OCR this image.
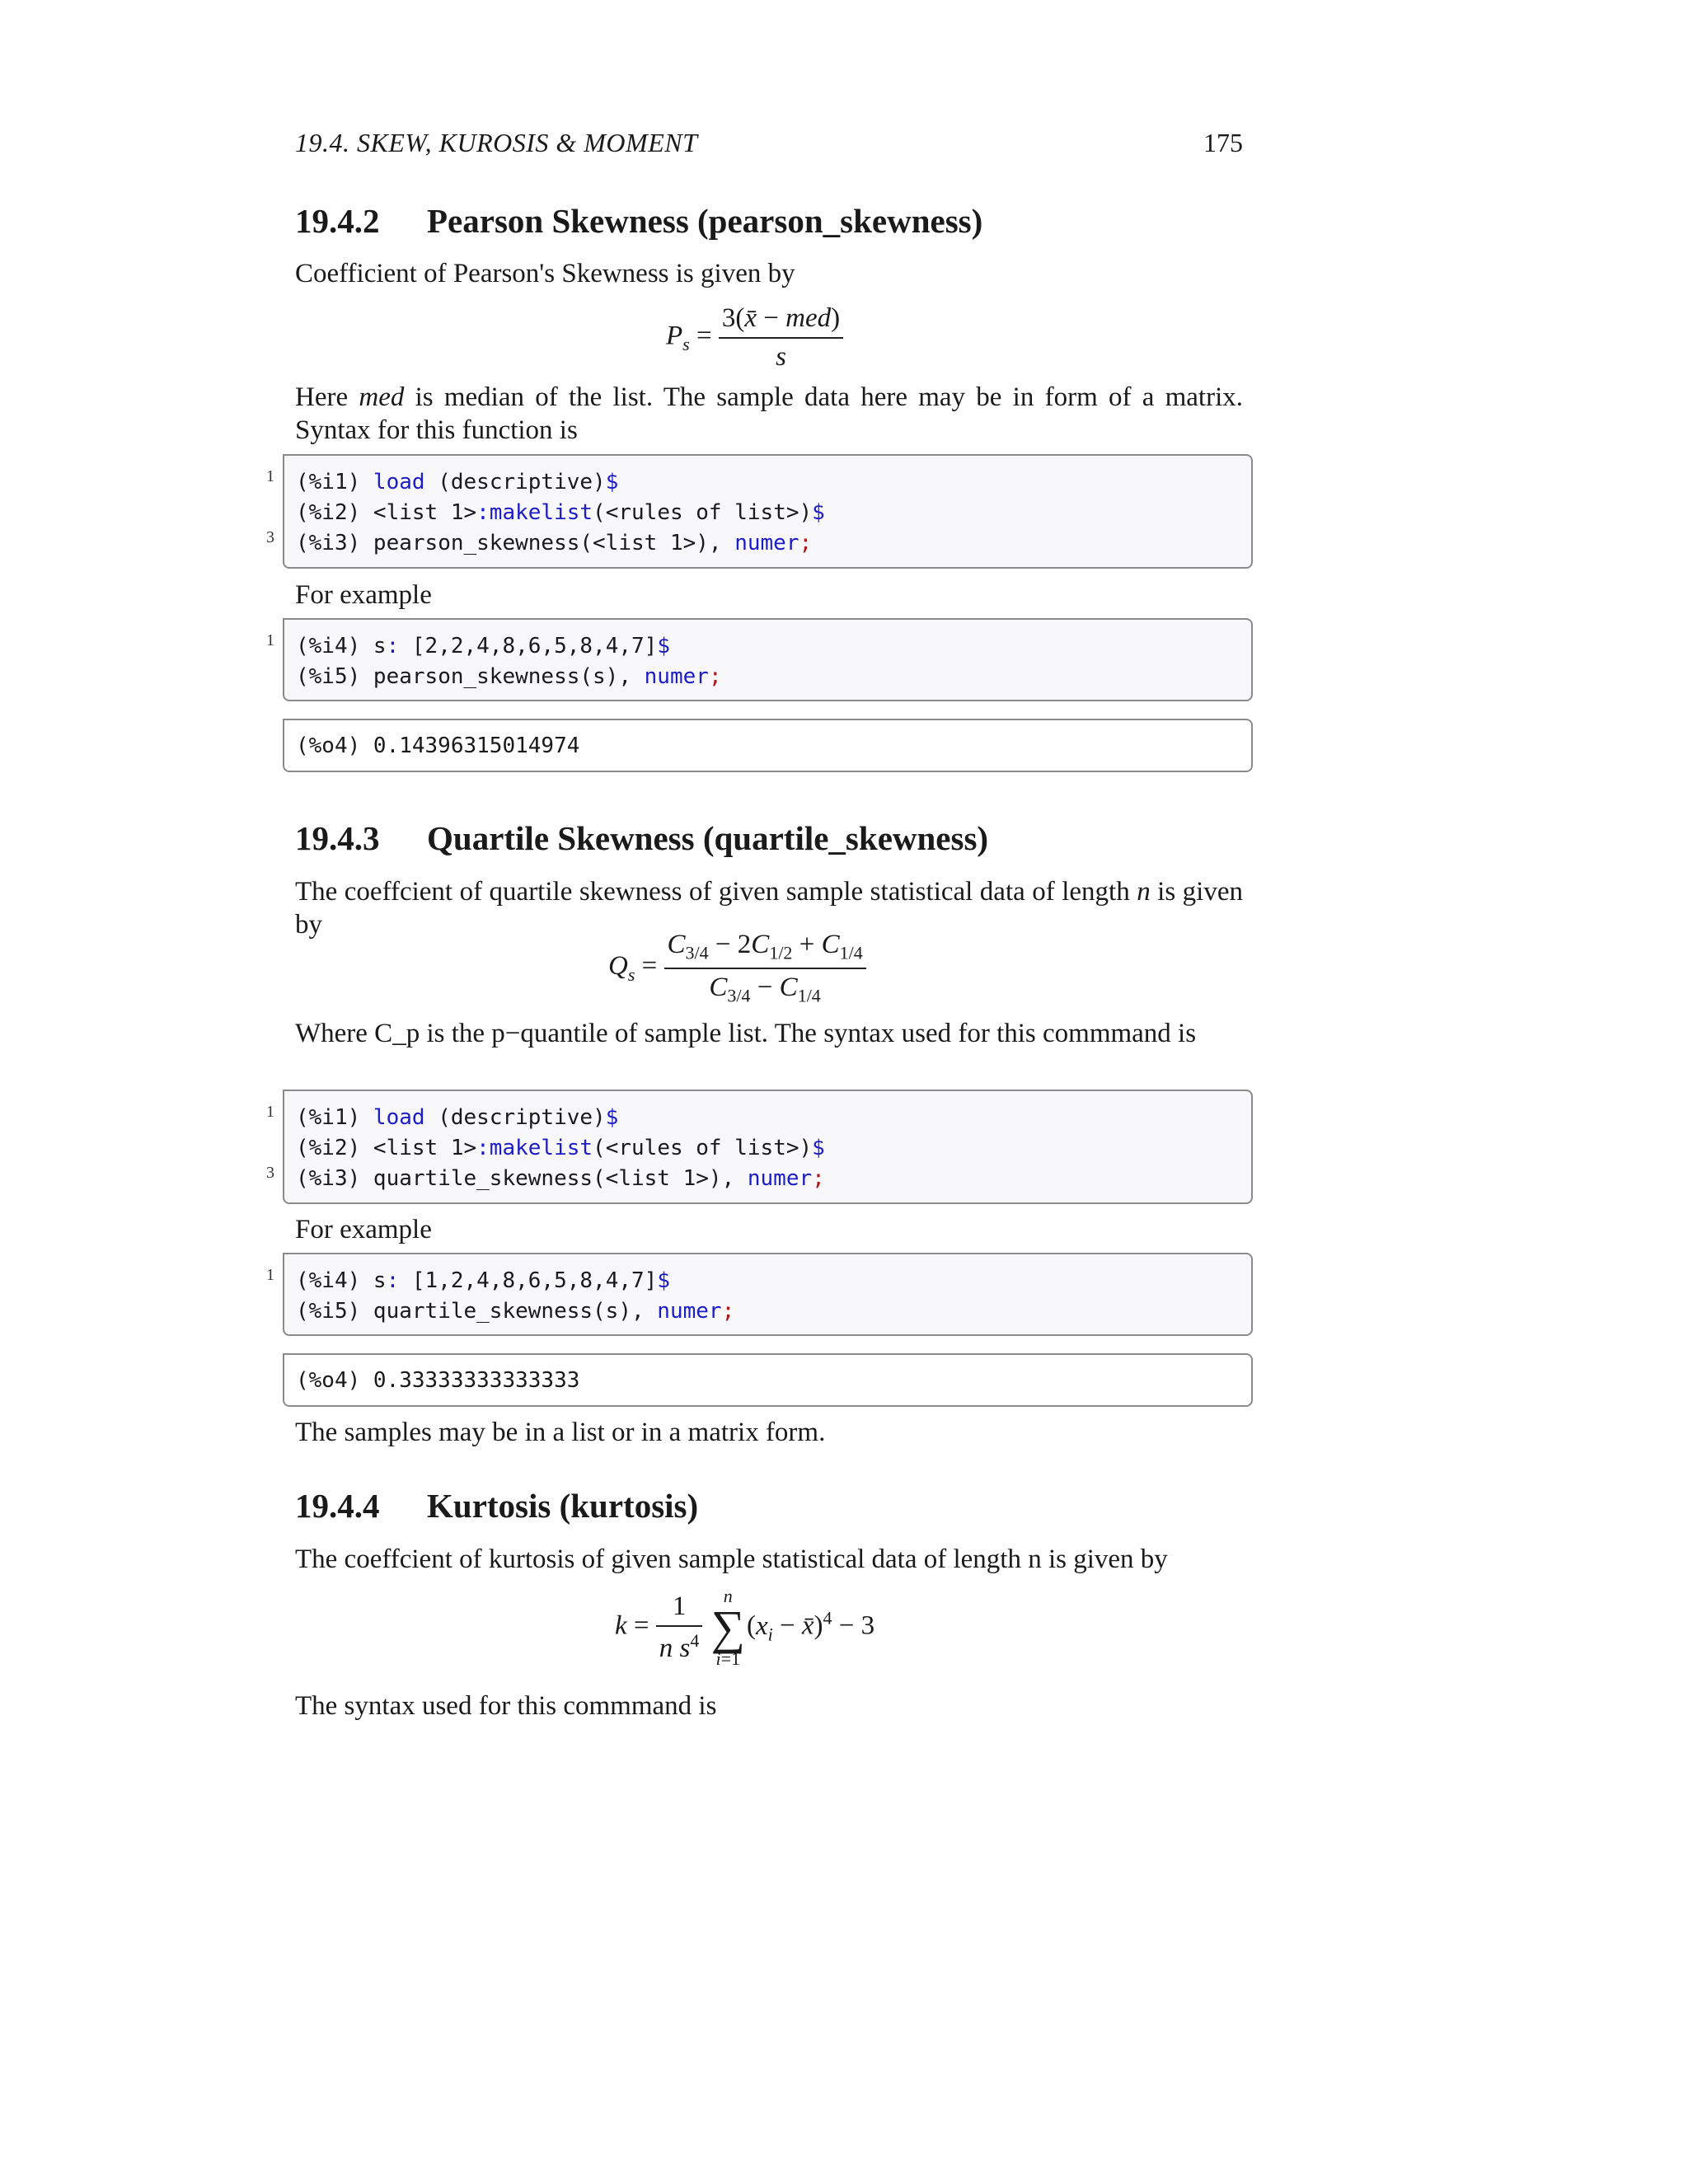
19.4. SKEW, KUROSIS & MOMENT	175
19.4.2 Pearson Skewness (pearson_skewness)

Coefficient of Pearson's Skewness is given by

$P_s = \frac{\text{3(x̄ − med)}}{s}$

Here med is median of the list. The sample data here may be in form of a matrix. Syntax for this function is

1
3
(%i1) load (descriptive)$
(%i2) <list 1>:makelist(<rules of list>)$
(%i3) pearson_skewness(<list 1>), numer;

For example

1 (%i4) s: [2,2,4,8,6,5,8,4,7]$
(%i5) pearson_skewness(s), numer;
(%o4) 0.14396315014974
19.4.3 Quartile Skewness (quartile_skewness)

The coeffcient of quartile skewness of given sample statistical data of length n is given by

$Q_s = \frac{C_{3/4} - 2C_{1/2} + C_{1/4}}{C_{3/4} - C_{1/4}}$

Where C_p is the p−quantile of sample list. The syntax used for this commmand is

1
3
(%i1) load (descriptive)$
(%i2) <list 1>:makelist(<rules of list>)$
(%i3) quartile_skewness(<list 1>), numer;

For example

1 (%i4) s: [1,2,4,8,6,5,8,4,7]$
(%i5) quartile_skewness(s), numer;
(%o4) 0.33333333333333

The samples may be in a list or in a matrix form.

19.4.4 Kurtosis (kurtosis)

The coeffcient of kurtosis of given sample statistical data of length n is given by

$k = \frac{1}{n s^4}$
	n
∑
i=1
($x_i$ − x̄)$^4$ − 3

The syntax used for this commmand is
